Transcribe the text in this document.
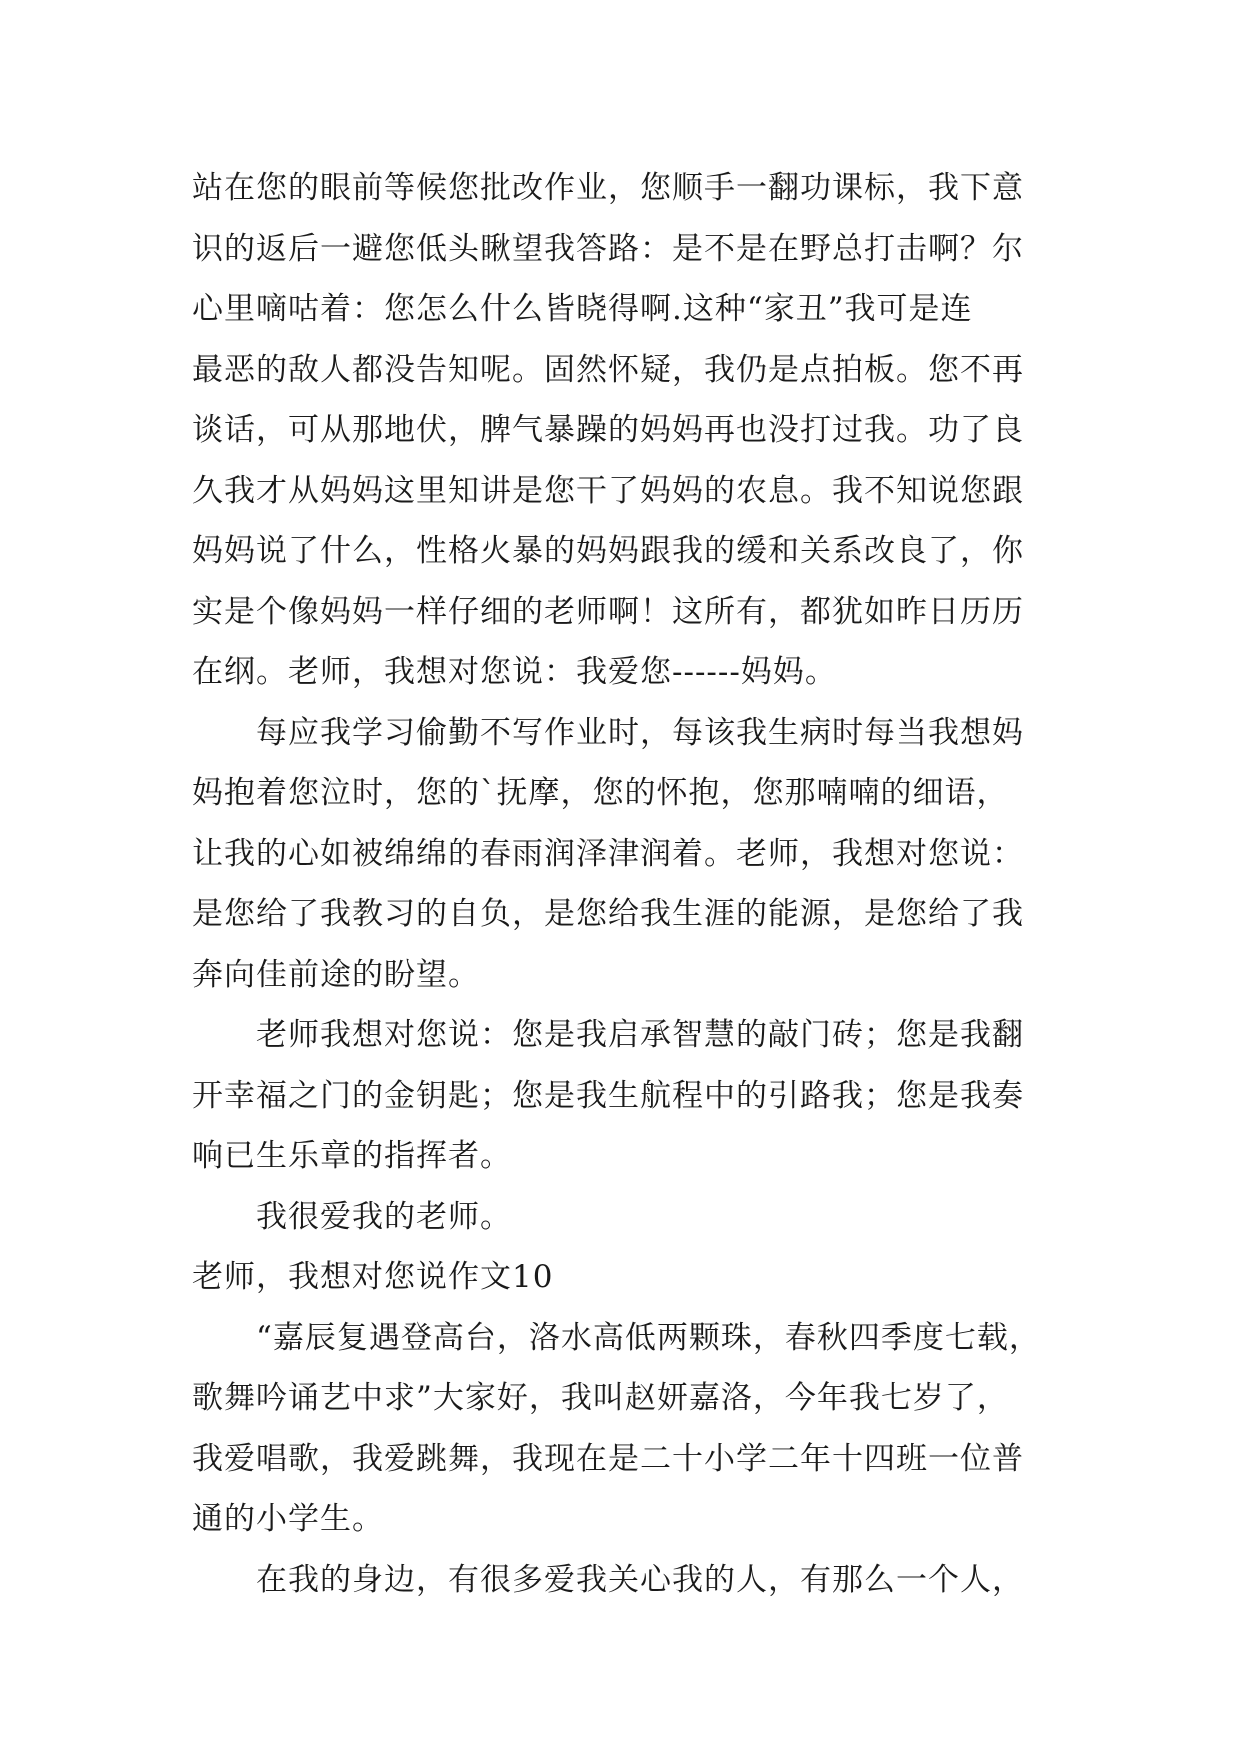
站在您的眼前等候您批改作业，您顺手一翻功课标，我下意
识的返后一避您低头瞅望我答路：是不是在野总打击啊？尔
心里嘀咕着：您怎么什么皆晓得啊.这种“家丑”我可是连
最恶的敌人都没告知呢。固然怀疑，我仍是点拍板。您不再
谈话，可从那地伏，脾气暴躁的妈妈再也没打过我。功了良
久我才从妈妈这里知讲是您干了妈妈的农息。我不知说您跟
妈妈说了什么，性格火暴的妈妈跟我的缓和关系改良了，你
实是个像妈妈一样仔细的老师啊！这所有，都犹如昨日历历
在纲。老师，我想对您说：我爱您------妈妈。
每应我学习偷勤不写作业时，每该我生病时每当我想妈
妈抱着您泣时，您的`抚摩，您的怀抱，您那喃喃的细语，
让我的心如被绵绵的春雨润泽津润着。老师，我想对您说：
是您给了我教习的自负，是您给我生涯的能源，是您给了我
奔向佳前途的盼望。
老师我想对您说：您是我启承智慧的敲门砖；您是我翻
开幸福之门的金钥匙；您是我生航程中的引路我；您是我奏
响已生乐章的指挥者。
我很爱我的老师。
老师，我想对您说作文10
“嘉辰复遇登高台，洛水高低两颗珠，春秋四季度七载，
歌舞吟诵艺中求”大家好，我叫赵妍嘉洛，今年我七岁了，
我爱唱歌，我爱跳舞，我现在是二十小学二年十四班一位普
通的小学生。
在我的身边，有很多爱我关心我的人，有那么一个人，
